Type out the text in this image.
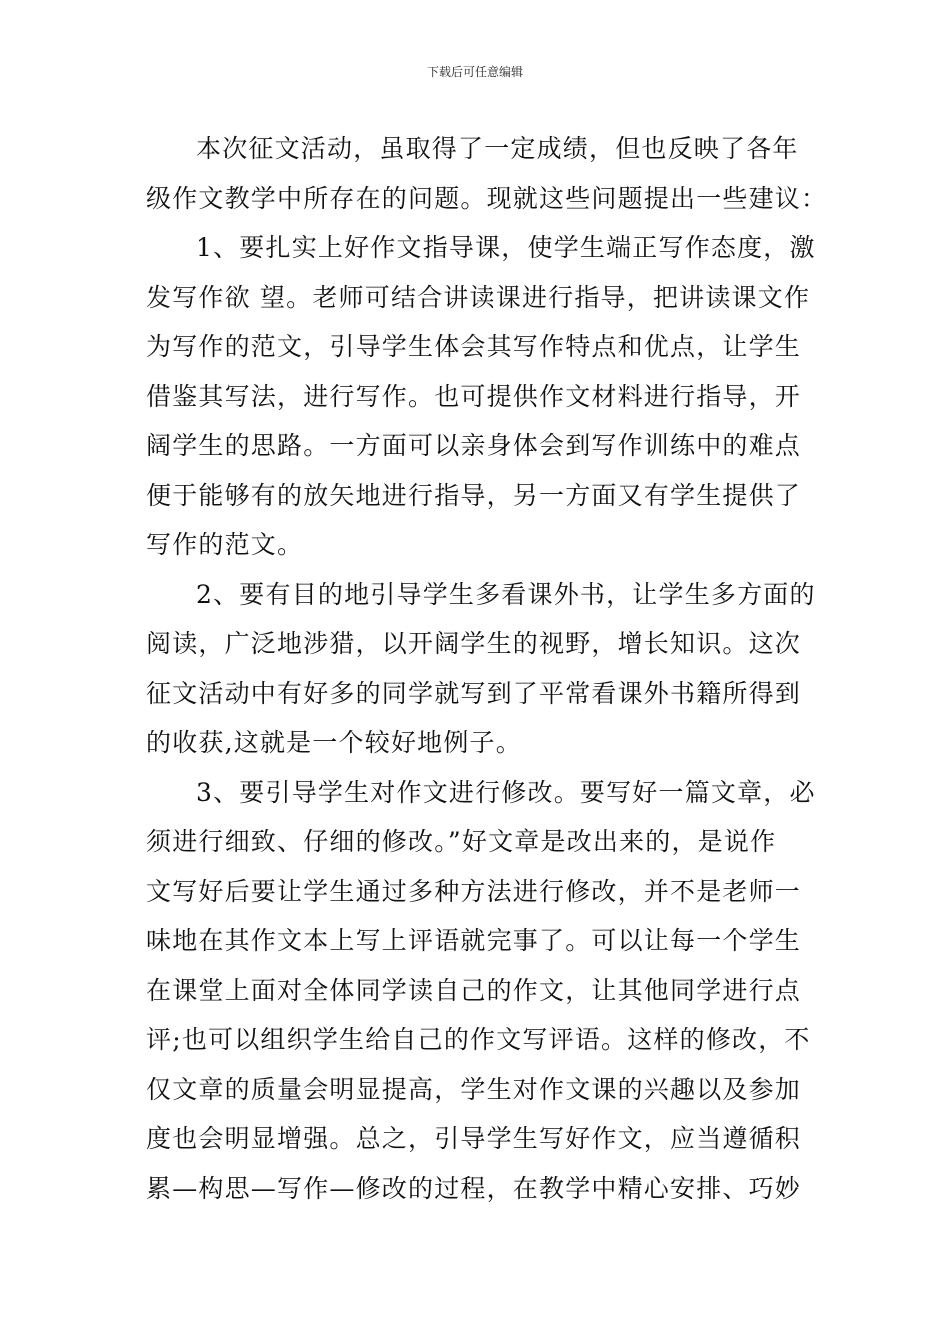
下载后可任意编辑
本次征文活动，虽取得了一定成绩，但也反映了各年
级作文教学中所存在的问题。现就这些问题提出一些建议：
1、要扎实上好作文指导课，使学生端正写作态度，激
发写作欲 望。老师可结合讲读课进行指导，把讲读课文作
为写作的范文，引导学生体会其写作特点和优点，让学生
借鉴其写法，进行写作。也可提供作文材料进行指导，开
阔学生的思路。一方面可以亲身体会到写作训练中的难点
便于能够有的放矢地进行指导，另一方面又有学生提供了
写作的范文。
2、要有目的地引导学生多看课外书，让学生多方面的
阅读，广泛地涉猎，以开阔学生的视野，增长知识。这次
征文活动中有好多的同学就写到了平常看课外书籍所得到
的收获,这就是一个较好地例子。
3、要引导学生对作文进行修改。要写好一篇文章，必
须进行细致、仔细的修改。”好文章是改出来的，是说作
文写好后要让学生通过多种方法进行修改，并不是老师一
味地在其作文本上写上评语就完事了。可以让每一个学生
在课堂上面对全体同学读自己的作文，让其他同学进行点
评;也可以组织学生给自己的作文写评语。这样的修改，不
仅文章的质量会明显提高，学生对作文课的兴趣以及参加
度也会明显增强。总之，引导学生写好作文，应当遵循积
累—构思—写作—修改的过程，在教学中精心安排、巧妙
